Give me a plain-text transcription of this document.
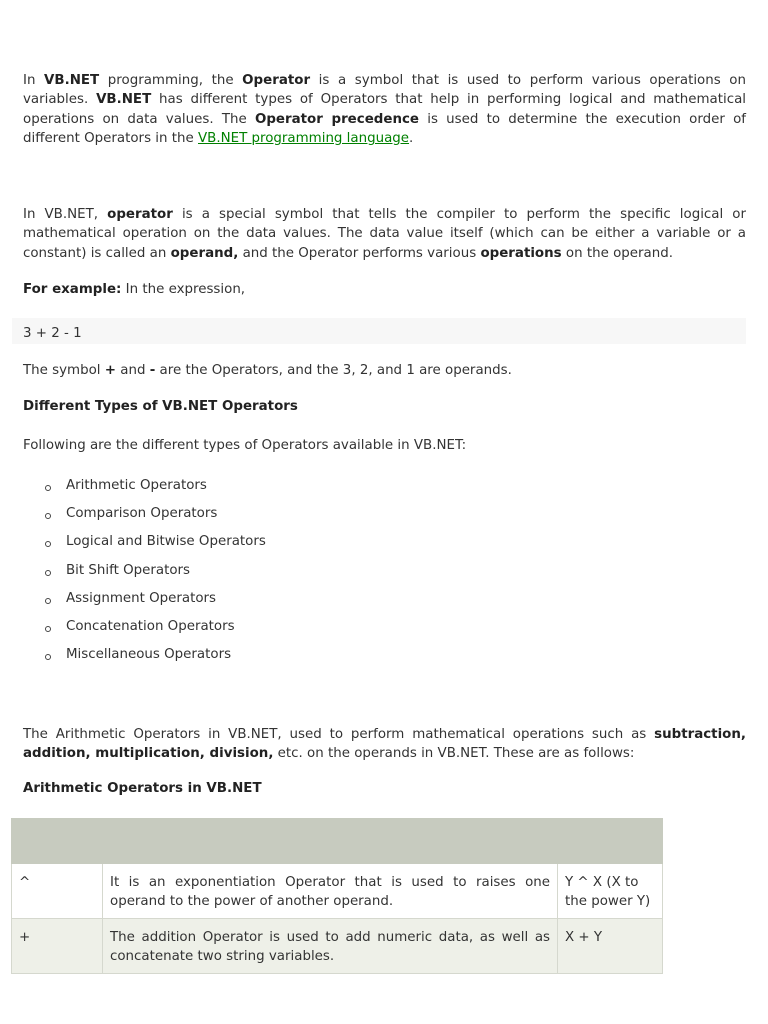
In VB.NET programming, the Operator is a symbol that is used to perform various operations on variables. VB.NET has different types of Operators that help in performing logical and mathematical operations on data values. The Operator precedence is used to determine the execution order of different Operators in the VB.NET programming language.

In VB.NET, operator is a special symbol that tells the compiler to perform the specific logical or mathematical operation on the data values. The data value itself (which can be either a variable or a constant) is called an operand, and the Operator performs various operations on the operand.

For example: In the expression,

3 + 2 - 1

The symbol + and - are the Operators, and the 3, 2, and 1 are operands.

Different Types of VB.NET Operators

Following are the different types of Operators available in VB.NET:

Arithmetic Operators
Comparison Operators
Logical and Bitwise Operators
Bit Shift Operators
Assignment Operators
Concatenation Operators
Miscellaneous Operators

The Arithmetic Operators in VB.NET, used to perform mathematical operations such as subtraction, addition, multiplication, division, etc. on the operands in VB.NET. These are as follows:

Arithmetic Operators in VB.NET

^	It is an exponentiation Operator that is used to raises one operand to the power of another operand.	Y ^ X (X to the power Y)
+	The addition Operator is used to add numeric data, as well as concatenate two string variables.	X + Y
